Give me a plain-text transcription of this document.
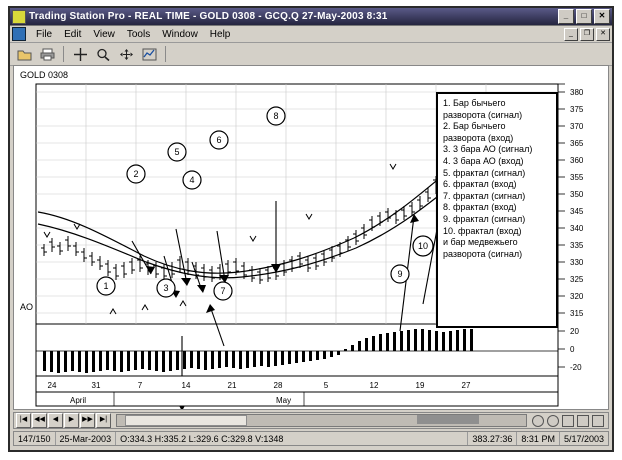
Trading Station Pro - REAL TIME - GOLD 0308 - GCQ.Q 27-May-2003 8:31	_	□	✕
File	Edit	View	Tools	Window	Help	_	❐	✕
380
375
370
365
360
355
350
345
340
335
330
325
320
315
20
0
-20
1
2
3
4
5
6
7
8
9
10
24	31	7	14	21	28	5	12	19	27
April	May
GOLD 0308
AO
1. Бар бычьего
разворота (сигнал)
2. Бар бычьего
разворота (вход)
3. 3 бара АО (сигнал)
4. 3 бара АО (вход)
5. фрактал (сигнал)
6. фрактал (вход)
7. фрактал (сигнал)
8. фрактал (вход)
9. фрактал (сигнал)
10. фрактал (вход)
и бар медвежьего
разворота (сигнал)
|◀	◀◀	◀	▶	▶▶	▶|
147/150	25-Mar-2003	O:334.3 H:335.2 L:329.6 C:329.8 V:1348	383.27:36	8:31 PM	5/17/2003
